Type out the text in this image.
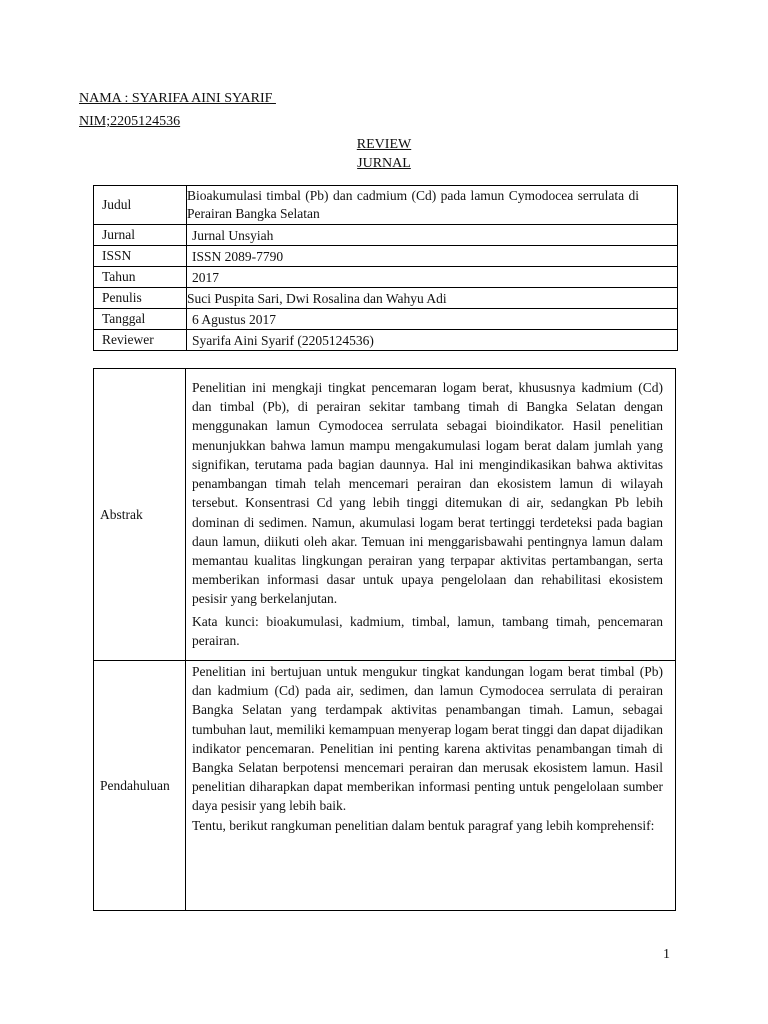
NAMA : SYARIFA AINI SYARIF
NIM;2205124536
REVIEW
JURNAL
Judul	Bioakumulasi timbal (Pb) dan cadmium (Cd) pada lamun Cymodocea serrulata di Perairan Bangka Selatan
Jurnal	Jurnal Unsyiah
ISSN	ISSN 2089-7790
Tahun	2017
Penulis	Suci Puspita Sari, Dwi Rosalina dan Wahyu Adi
Tanggal	6 Agustus 2017
Reviewer	Syarifa Aini Syarif (2205124536)
Abstrak	Penelitian ini mengkaji tingkat pencemaran logam berat, khususnya kadmium (Cd) dan timbal (Pb), di perairan sekitar tambang timah di Bangka Selatan dengan menggunakan lamun Cymodocea serrulata sebagai bioindikator. Hasil penelitian menunjukkan bahwa lamun mampu mengakumulasi logam berat dalam jumlah yang signifikan, terutama pada bagian daunnya. Hal ini mengindikasikan bahwa aktivitas penambangan timah telah mencemari perairan dan ekosistem lamun di wilayah tersebut. Konsentrasi Cd yang lebih tinggi ditemukan di air, sedangkan Pb lebih dominan di sedimen. Namun, akumulasi logam berat tertinggi terdeteksi pada bagian daun lamun, diikuti oleh akar. Temuan ini menggarisbawahi pentingnya lamun dalam memantau kualitas lingkungan perairan yang terpapar aktivitas pertambangan, serta memberikan informasi dasar untuk upaya pengelolaan dan rehabilitasi ekosistem pesisir yang berkelanjutan.

Kata kunci: bioakumulasi, kadmium, timbal, lamun, tambang timah, pencemaran perairan.

Pendahuluan	Penelitian ini bertujuan untuk mengukur tingkat kandungan logam berat timbal (Pb) dan kadmium (Cd) pada air, sedimen, dan lamun Cymodocea serrulata di perairan Bangka Selatan yang terdampak aktivitas penambangan timah. Lamun, sebagai tumbuhan laut, memiliki kemampuan menyerap logam berat tinggi dan dapat dijadikan indikator pencemaran. Penelitian ini penting karena aktivitas penambangan timah di Bangka Selatan berpotensi mencemari perairan dan merusak ekosistem lamun. Hasil penelitian diharapkan dapat memberikan informasi penting untuk pengelolaan sumber daya pesisir yang lebih baik.

Tentu, berikut rangkuman penelitian dalam bentuk paragraf yang lebih komprehensif:

1
